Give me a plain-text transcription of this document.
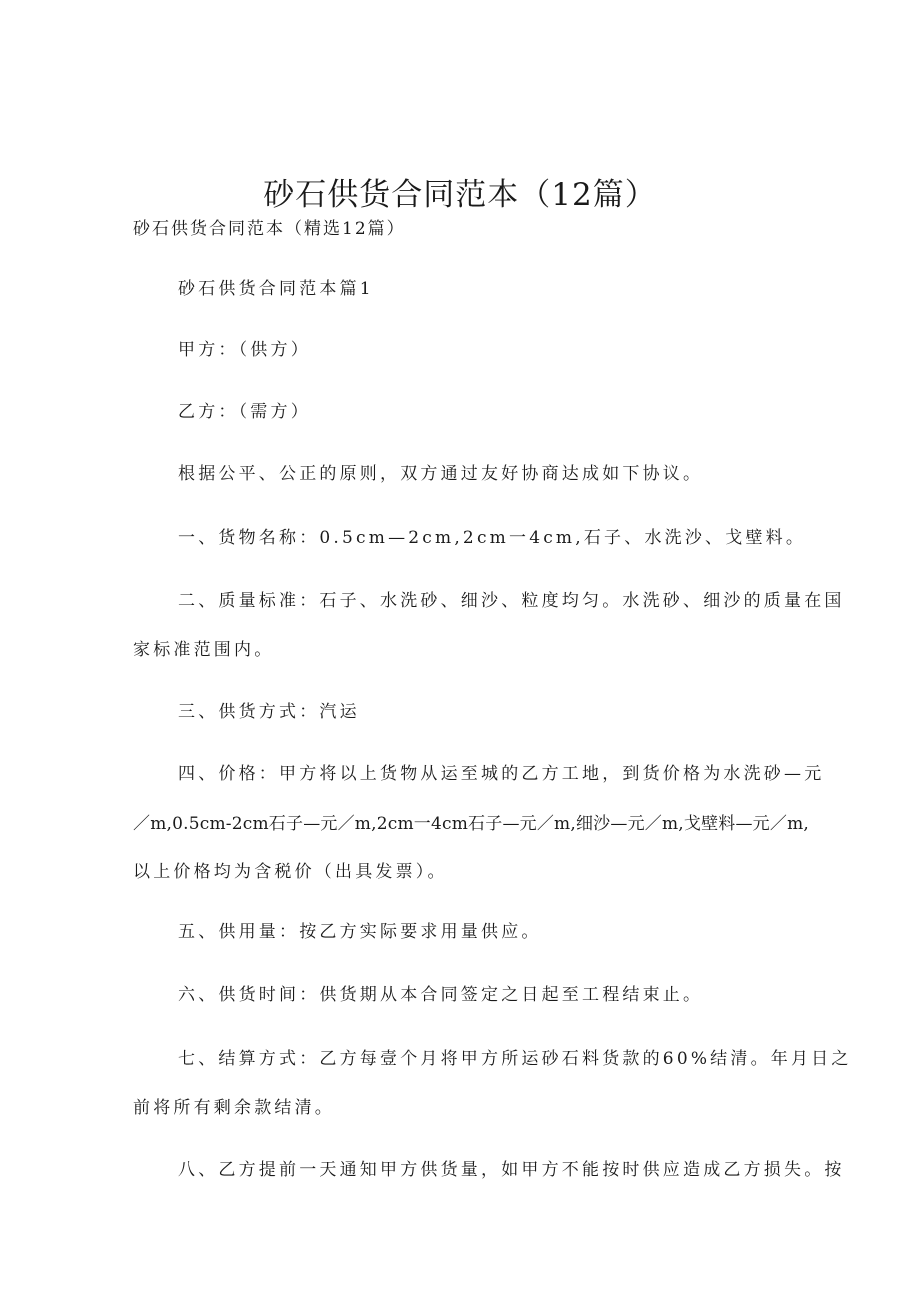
砂石供货合同范本（12篇）
砂石供货合同范本（精选12篇）
砂石供货合同范本篇1
甲方：（供方）
乙方：（需方）
根据公平、公正的原则，双方通过友好协商达成如下协议。
一、货物名称：0.5cm—2cm,2cm一4cm,石子、水洗沙、戈壁料。
二、质量标准：石子、水洗砂、细沙、粒度均匀。水洗砂、细沙的质量在国
家标准范围内。
三、供货方式：汽运
四、价格：甲方将以上货物从运至城的乙方工地，到货价格为水洗砂—元
／m,0.5cm-2cm石子—元／m,2cm一4cm石子—元／m,细沙—元／m,戈壁料—元／m,
以上价格均为含税价（出具发票）。
五、供用量：按乙方实际要求用量供应。
六、供货时间：供货期从本合同签定之日起至工程结束止。
七、结算方式：乙方每壹个月将甲方所运砂石料货款的60%结清。年月日之
前将所有剩余款结清。
八、乙方提前一天通知甲方供货量，如甲方不能按时供应造成乙方损失。按
